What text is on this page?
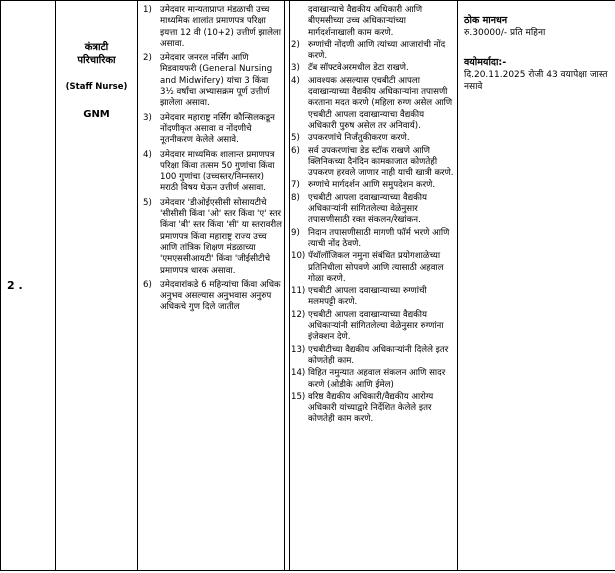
2 .

कंत्राटी
परिचारिका
(Staff Nurse)
GNM

1) उमेदवार मान्यताप्राप्त मंडळाची उच्च माध्यमिक शालांत प्रमाणपत्र परिक्षा इयत्ता 12 वी (10+2) उत्तीर्ण झालेला असावा.
2) उमेदवार जनरल नर्सिंग आणि मिडवायफरी (General Nursing and Midwifery) यांचा 3 किंवा 3½ वर्षांचा अभ्यासक्रम पूर्ण उत्तीर्ण झालेला असावा.
3) उमेदवार महाराष्ट्र नर्सिंग कौन्सिलकडून नोंदणीकृत असावा व नोंदणीचे नूतनीकरण केलेले असावे.
4) उमेदवार माध्यमिक शालान्त प्रमाणपत्र परिक्षा किंवा तत्सम 50 गुणांचा किंवा 100 गुणांचा (उच्चस्तर/निम्नस्तर) मराठी विषय घेऊन उत्तीर्ण असावा.
5) उमेदवार 'डीओईएसीसी सोसायटीचे 'सीसीसी किंवा 'ओ' स्तर किंवा 'ए' स्तर किंवा 'बी' स्तर किंवा 'सी' या स्तरावरील प्रमाणपत्र किंवा महाराष्ट्र राज्य उच्च आणि तांत्रिक शिक्षण मंडळाच्या 'एमएससीआयटी' किंवा 'जीईसीटीचे प्रमाणपत्र धारक असावा.
6) उमेदवारांकडे 6 महिन्यांचा किंवा अधिक अनुभव असल्यास अनुभवास अनुरुप अधिकचे गुण दिले जातील

दवाखान्याचे वैद्यकीय अधिकारी आणि बीएमसीच्या उच्च अधिकाऱ्यांच्या मार्गदर्शनाखाली काम करणे.
2) रुग्णांची नोंदणी आणि त्यांच्या आजारांची नोंद करणे.
3) टॅब सॉफ्टवेअरमधील डेटा राखणे.
4) आवश्यक असल्यास एचबीटी आपला दवाखान्याच्या वैद्यकीय अधिकाऱ्यांना तपासणी करताना मदत करणे (महिला रुग्ण असेल आणि एचबीटी आपला दवाखान्याचा वैद्यकीय अधिकारी पुरुष असेल तर अनिवार्य).
5) उपकरणांचे निर्जंतुकीकरण करणे.
6) सर्व उपकरणांचा डेड स्टॉक राखणे आणि क्लिनिकच्या दैनंदिन कामकाजात कोणतेही उपकरण हरवले जाणार नाही याची खात्री करणे.
7) रुग्णांचे मार्गदर्शन आणि समुपदेशन करणे.
8) एचबीटी आपला दवाखान्याच्या वैद्यकीय अधिकाऱ्यांनी सांगितलेल्या वेळेनुसार तपासणीसाठी रक्त संकलन/रेखांकन.
9) निदान तपासणीसाठी मागणी फॉर्म भरणे आणि त्याची नोंद ठेवणे.
10) पॅथॉलॉजिकल नमुना संबंधित प्रयोगशाळेच्या प्रतिनिधीला सोपवणे आणि त्यासाठी अहवाल गोळा करणे.
11) एचबीटी आपला दवाखान्याच्या रुग्णांची मलमपट्टी करणे.
12) एचबीटी आपला दवाखान्याच्या वैद्यकीय अधिकाऱ्यांनी सांगितलेल्या वेळेनुसार रुग्णांना इंजेक्शन देणे.
13) एचबीटीच्या वैद्यकीय अधिकाऱ्यांनी दिलेले इतर कोणतेही काम.
14) विहित नमुन्यात अहवाल संकलन आणि सादर करणे (ओडीके आणि ईमेल)
15) वरिष्ठ वैद्यकीय अधिकारी/वैद्यकीय आरोग्य अधिकारी यांच्याद्वारे निर्देशित केलेले इतर कोणतेही काम करणे.

ठोक मानधन
रु.30000/- प्रति महिना
वयोमर्यादा:-
दि.20.11.2025 रोजी 43 वयापेक्षा जास्त नसावे
